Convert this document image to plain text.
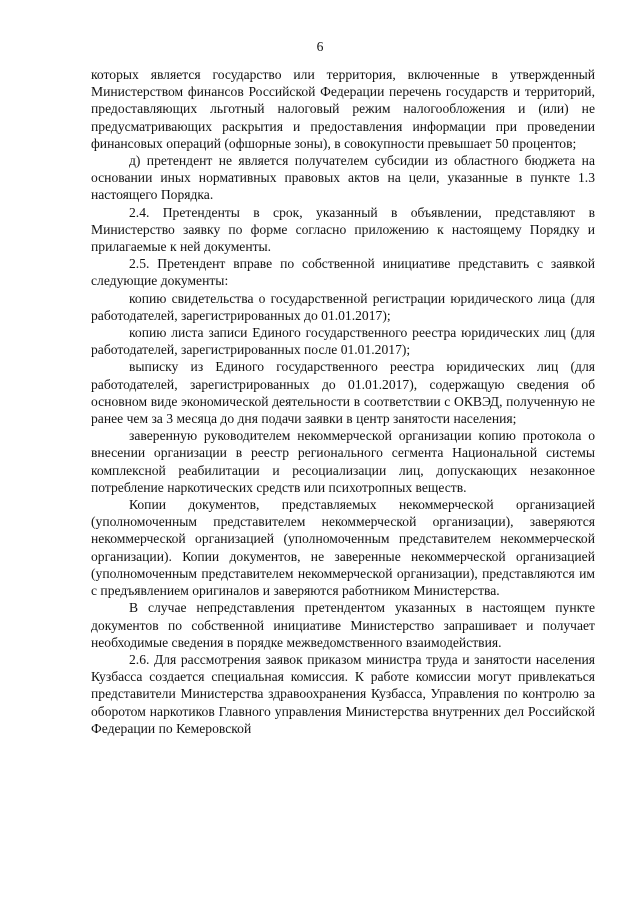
6

которых является государство или территория, включенные в утвержденный Министерством финансов Российской Федерации перечень государств и территорий, предоставляющих льготный налоговый режим налогообложения и (или) не предусматривающих раскрытия и предоставления информации при проведении финансовых операций (офшорные зоны), в совокупности превышает 50 процентов;

д) претендент не является получателем субсидии из областного бюджета на основании иных нормативных правовых актов на цели, указанные в пункте 1.3 настоящего Порядка.

2.4. Претенденты в срок, указанный в объявлении, представляют в Министерство заявку по форме согласно приложению к настоящему Порядку и прилагаемые к ней документы.

2.5. Претендент вправе по собственной инициативе представить с заявкой следующие документы:

копию свидетельства о государственной регистрации юридического лица (для работодателей, зарегистрированных до 01.01.2017);

копию листа записи Единого государственного реестра юридических лиц (для работодателей, зарегистрированных после 01.01.2017);

выписку из Единого государственного реестра юридических лиц (для работодателей, зарегистрированных до 01.01.2017), содержащую сведения об основном виде экономической деятельности в соответствии с ОКВЭД, полученную не ранее чем за 3 месяца до дня подачи заявки в центр занятости населения;

заверенную руководителем некоммерческой организации копию протокола о внесении организации в реестр регионального сегмента Национальной системы комплексной реабилитации и ресоциализации лиц, допускающих незаконное потребление наркотических средств или психотропных веществ.

Копии документов, представляемых некоммерческой организацией (уполномоченным представителем некоммерческой организации), заверяются некоммерческой организацией (уполномоченным представителем некоммерческой организации). Копии документов, не заверенные некоммерческой организацией (уполномоченным представителем некоммерческой организации), представляются им с предъявлением оригиналов и заверяются работником Министерства.

В случае непредставления претендентом указанных в настоящем пункте документов по собственной инициативе Министерство запрашивает и получает необходимые сведения в порядке межведомственного взаимодействия.

2.6. Для рассмотрения заявок приказом министра труда и занятости населения Кузбасса создается специальная комиссия. К работе комиссии могут привлекаться представители Министерства здравоохранения Кузбасса, Управления по контролю за оборотом наркотиков Главного управления Министерства внутренних дел Российской Федерации по Кемеровской
